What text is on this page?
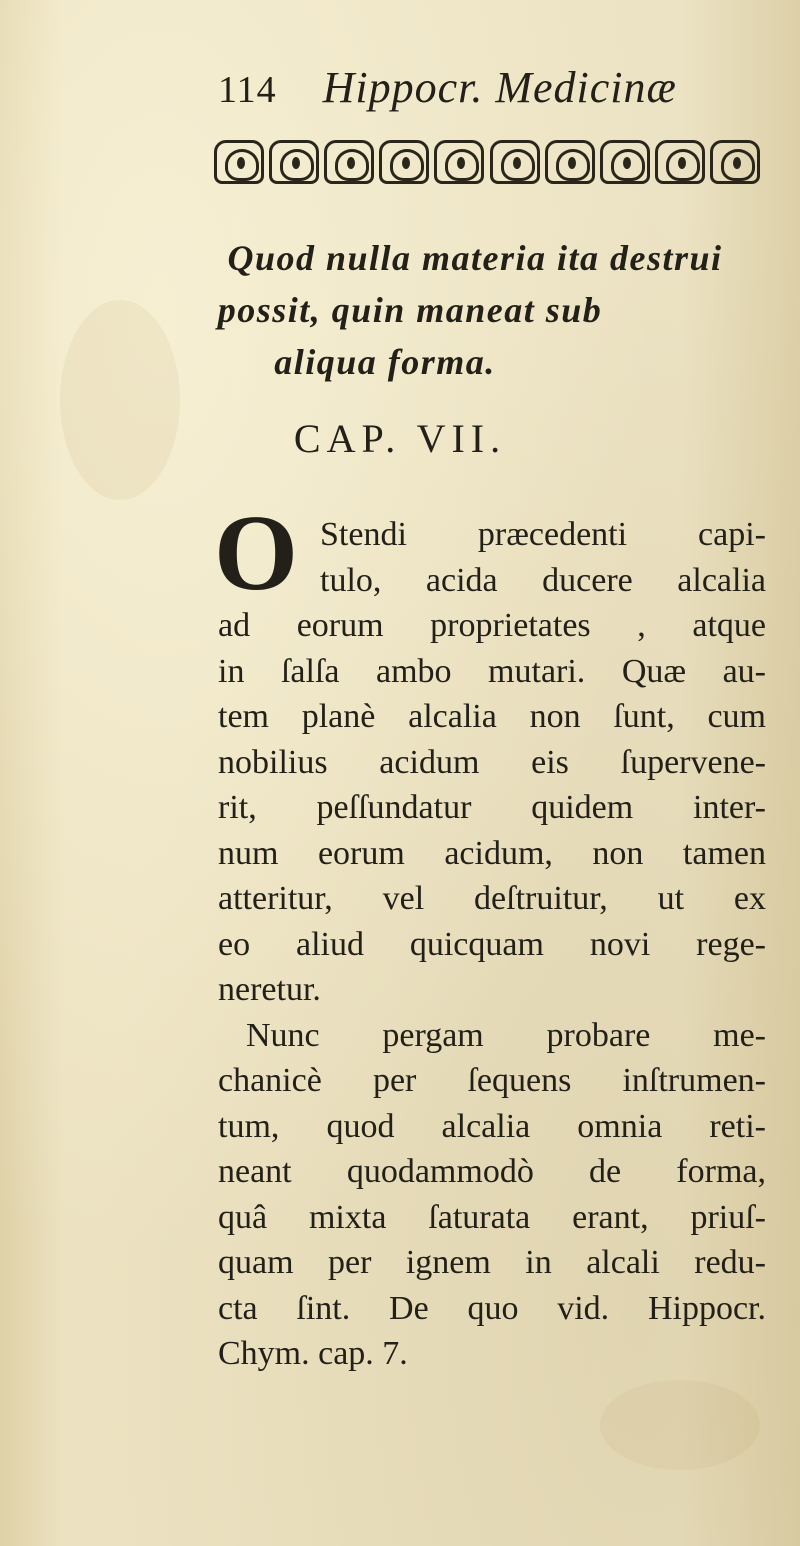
114 Hippocr. Medicinæ
Quod nulla materia ita destrui
possit, quin maneat sub
aliqua forma.
CAP. VII.
O Stendi præcedenti capi-
tulo, acida ducere alcalia
ad eorum proprietates , atque
in ſalſa ambo mutari. Quæ au-
tem planè alcalia non ſunt, cum
nobilius acidum eis ſupervene-
rit, peſſundatur quidem inter-
num eorum acidum, non tamen
atteritur, vel deſtruitur, ut ex
eo aliud quicquam novi rege-
neretur.
Nunc pergam probare me-
chanicè per ſequens inſtrumen-
tum, quod alcalia omnia reti-
neant quodammodò de forma,
quâ mixta ſaturata erant, priuſ-
quam per ignem in alcali redu-
cta ſint. De quo vid. Hippocr.
Chym. cap. 7.
